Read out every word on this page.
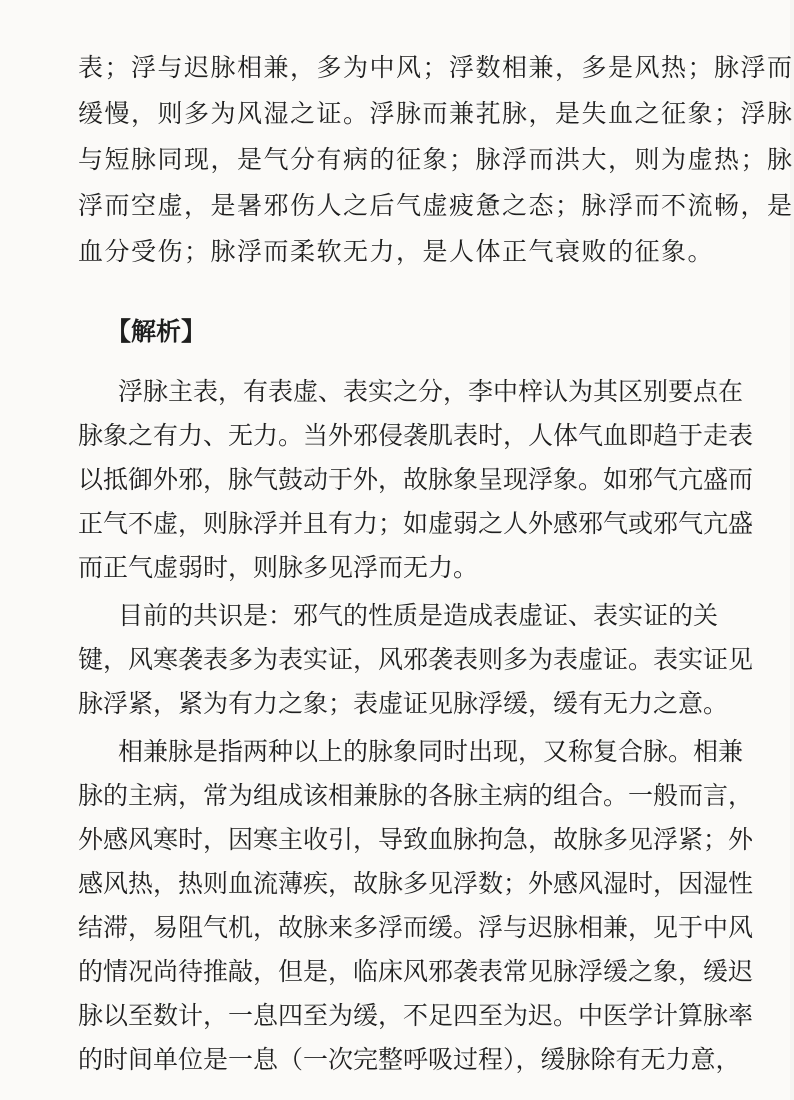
表；浮与迟脉相兼，多为中风；浮数相兼，多是风热；脉浮而
缓慢，则多为风湿之证。浮脉而兼芤脉，是失血之征象；浮脉
与短脉同现，是气分有病的征象；脉浮而洪大，则为虚热；脉
浮而空虚，是暑邪伤人之后气虚疲惫之态；脉浮而不流畅，是
血分受伤；脉浮而柔软无力，是人体正气衰败的征象。
【解析】
浮脉主表，有表虚、表实之分，李中梓认为其区别要点在
脉象之有力、无力。当外邪侵袭肌表时，人体气血即趋于走表
以抵御外邪，脉气鼓动于外，故脉象呈现浮象。如邪气亢盛而
正气不虚，则脉浮并且有力；如虚弱之人外感邪气或邪气亢盛
而正气虚弱时，则脉多见浮而无力。
目前的共识是：邪气的性质是造成表虚证、表实证的关
键，风寒袭表多为表实证，风邪袭表则多为表虚证。表实证见
脉浮紧，紧为有力之象；表虚证见脉浮缓，缓有无力之意。
相兼脉是指两种以上的脉象同时出现，又称复合脉。相兼
脉的主病，常为组成该相兼脉的各脉主病的组合。一般而言，
外感风寒时，因寒主收引，导致血脉拘急，故脉多见浮紧；外
感风热，热则血流薄疾，故脉多见浮数；外感风湿时，因湿性
结滞，易阻气机，故脉来多浮而缓。浮与迟脉相兼，见于中风
的情况尚待推敲，但是，临床风邪袭表常见脉浮缓之象，缓迟
脉以至数计，一息四至为缓，不足四至为迟。中医学计算脉率
的时间单位是一息（一次完整呼吸过程），缓脉除有无力意，
